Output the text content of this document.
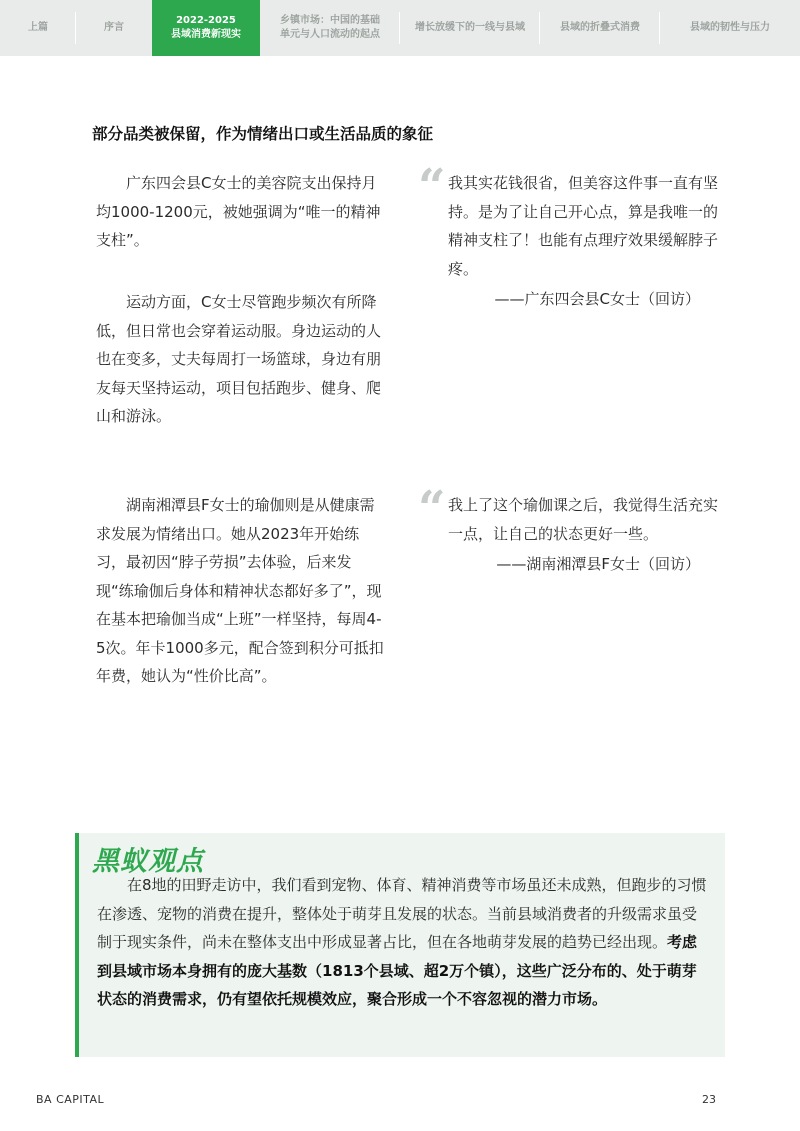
上篇	序言
2022-2025
县域消费新现实
乡镇市场：中国的基础
单元与人口流动的起点
增长放缓下的一线与县域	县域的折叠式消费	县域的韧性与压力
部分品类被保留，作为情绪出口或生活品质的象征

广东四会县C女士的美容院支出保持月均1000-1200元，被她强调为“唯一的精神支柱”。

运动方面，C女士尽管跑步频次有所降低，但日常也会穿着运动服。身边运动的人也在变多，丈夫每周打一场篮球，身边有朋友每天坚持运动，项目包括跑步、健身、爬山和游泳。

湖南湘潭县F女士的瑜伽则是从健康需求发展为情绪出口。她从2023年开始练习，最初因“脖子劳损”去体验，后来发现“练瑜伽后身体和精神状态都好多了”，现在基本把瑜伽当成“上班”一样坚持，每周4-5次。年卡1000多元，配合签到积分可抵扣年费，她认为“性价比高”。

“ 我其实花钱很省，但美容这件事一直有坚持。是为了让自己开心点，算是我唯一的精神支柱了！也能有点理疗效果缓解脖子疼。
——广东四会县C女士（回访）
“ 我上了这个瑜伽课之后，我觉得生活充实一点，让自己的状态更好一些。
——湖南湘潭县F女士（回访）
黑蚁观点

在8地的田野走访中，我们看到宠物、体育、精神消费等市场虽还未成熟，但跑步的习惯在渗透、宠物的消费在提升，整体处于萌芽且发展的状态。当前县域消费者的升级需求虽受制于现实条件，尚未在整体支出中形成显著占比，但在各地萌芽发展的趋势已经出现。考虑到县域市场本身拥有的庞大基数（1813个县域、超2万个镇），这些广泛分布的、处于萌芽状态的消费需求，仍有望依托规模效应，聚合形成一个不容忽视的潜力市场。

BA CAPITAL	23
